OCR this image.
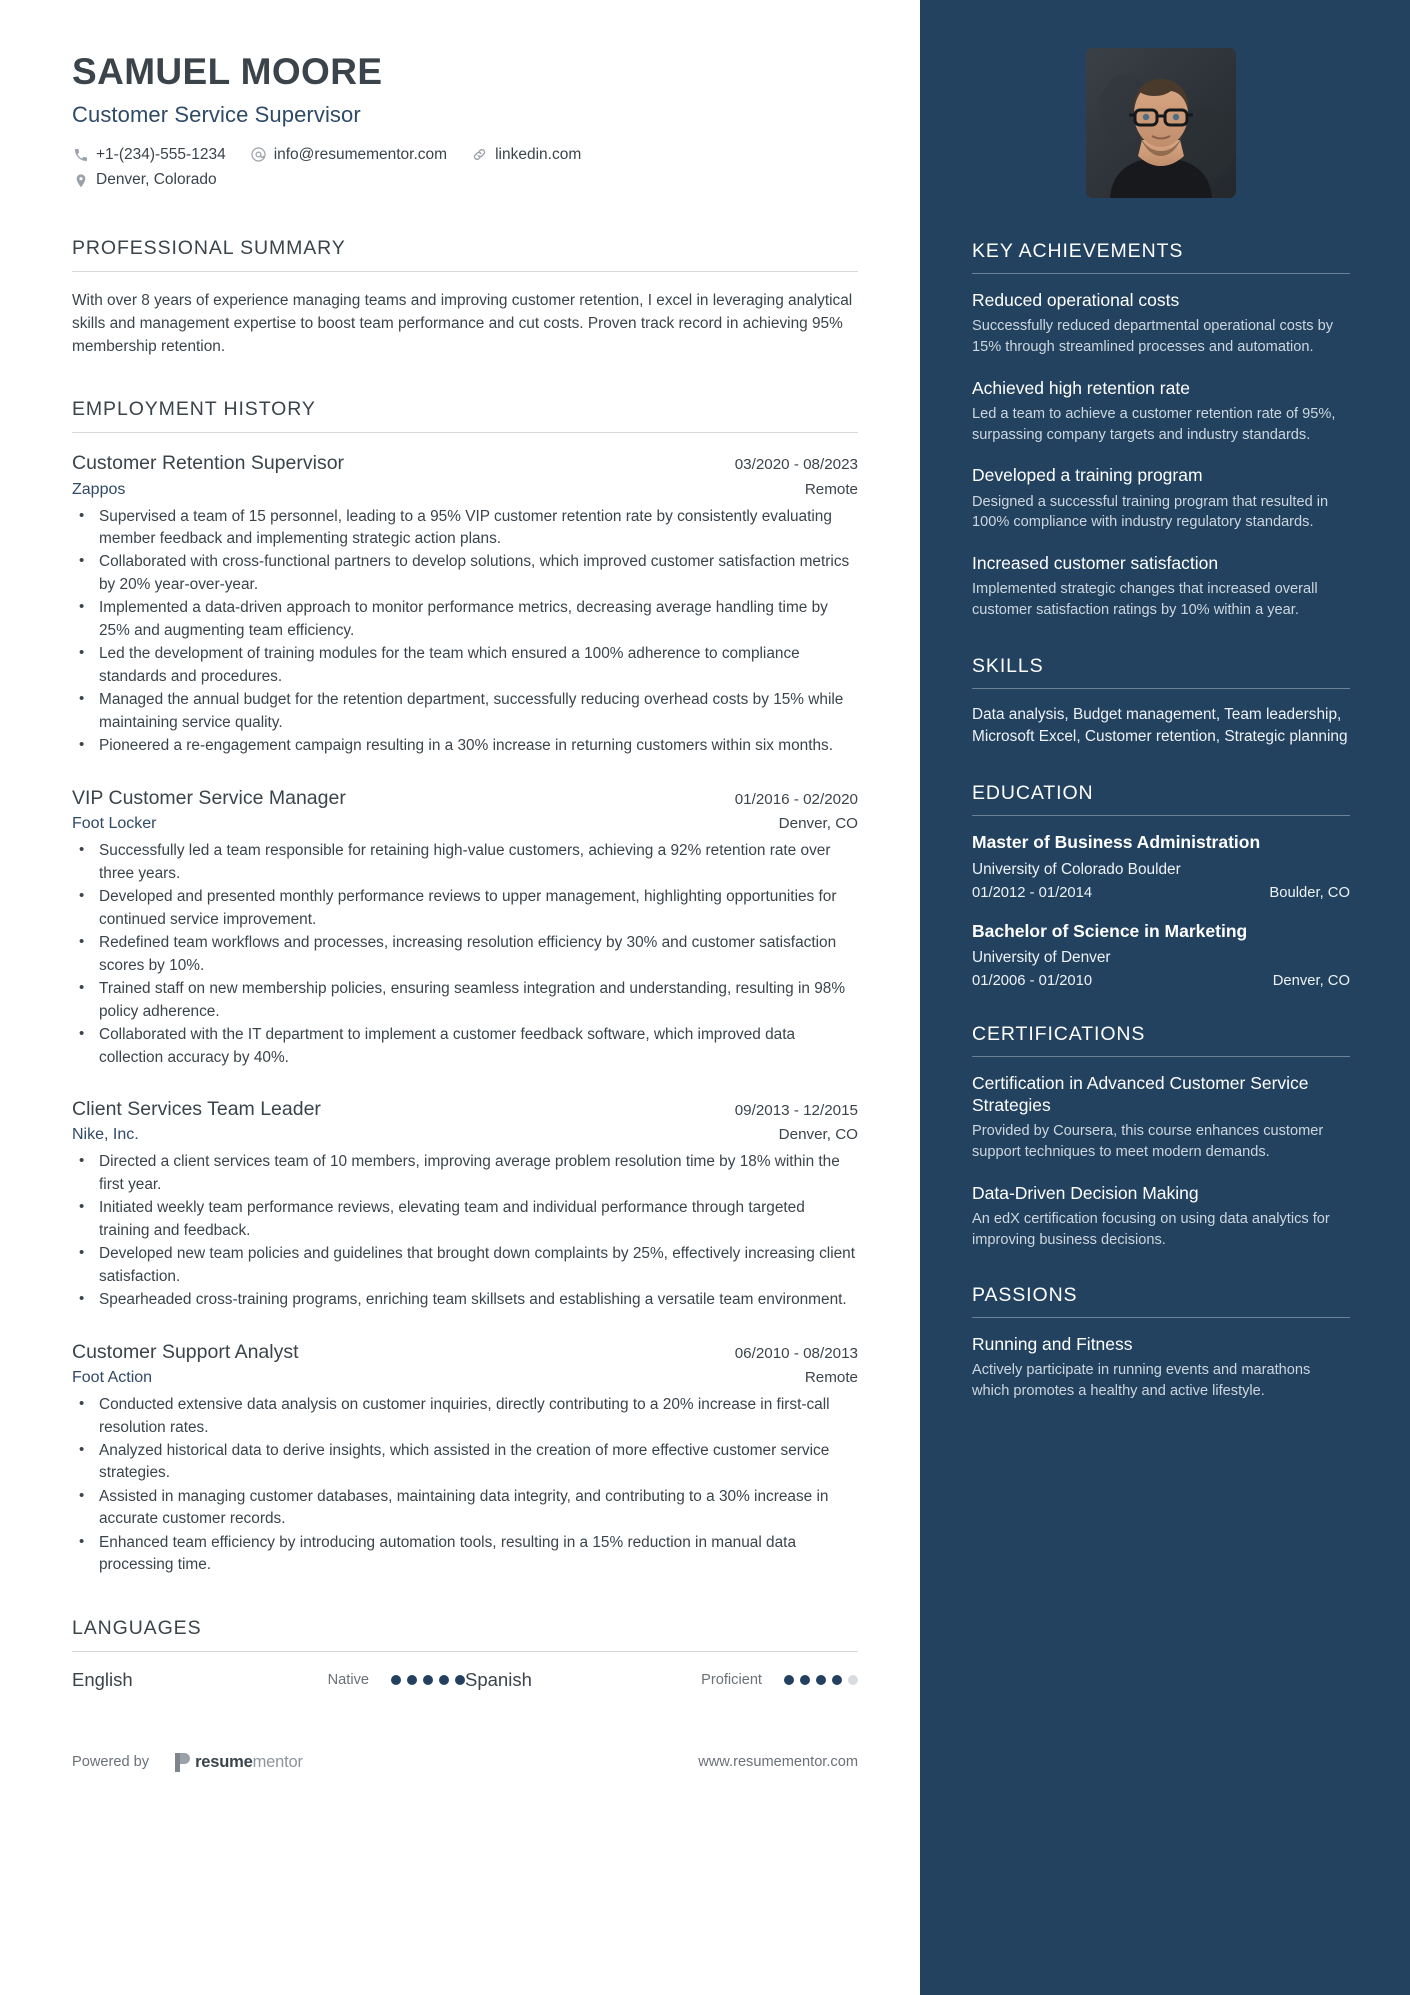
SAMUEL MOORE
Customer Service Supervisor
+1-(234)-555-1234	info@resumementor.com	linkedin.com
Denver, Colorado
PROFESSIONAL SUMMARY
With over 8 years of experience managing teams and improving customer retention, I excel in leveraging analytical skills and management expertise to boost team performance and cut costs. Proven track record in achieving 95% membership retention.
EMPLOYMENT HISTORY
Customer Retention Supervisor	03/2020 - 08/2023
Zappos	Remote
• Supervised a team of 15 personnel, leading to a 95% VIP customer retention rate by consistently evaluating member feedback and implementing strategic action plans.
• Collaborated with cross-functional partners to develop solutions, which improved customer satisfaction metrics by 20% year-over-year.
• Implemented a data-driven approach to monitor performance metrics, decreasing average handling time by 25% and augmenting team efficiency.
• Led the development of training modules for the team which ensured a 100% adherence to compliance standards and procedures.
• Managed the annual budget for the retention department, successfully reducing overhead costs by 15% while maintaining service quality.
• Pioneered a re-engagement campaign resulting in a 30% increase in returning customers within six months.
VIP Customer Service Manager	01/2016 - 02/2020
Foot Locker	Denver, CO
• Successfully led a team responsible for retaining high-value customers, achieving a 92% retention rate over three years.
• Developed and presented monthly performance reviews to upper management, highlighting opportunities for continued service improvement.
• Redefined team workflows and processes, increasing resolution efficiency by 30% and customer satisfaction scores by 10%.
• Trained staff on new membership policies, ensuring seamless integration and understanding, resulting in 98% policy adherence.
• Collaborated with the IT department to implement a customer feedback software, which improved data collection accuracy by 40%.
Client Services Team Leader	09/2013 - 12/2015
Nike, Inc.	Denver, CO
• Directed a client services team of 10 members, improving average problem resolution time by 18% within the first year.
• Initiated weekly team performance reviews, elevating team and individual performance through targeted training and feedback.
• Developed new team policies and guidelines that brought down complaints by 25%, effectively increasing client satisfaction.
• Spearheaded cross-training programs, enriching team skillsets and establishing a versatile team environment.
Customer Support Analyst	06/2010 - 08/2013
Foot Action	Remote
• Conducted extensive data analysis on customer inquiries, directly contributing to a 20% increase in first-call resolution rates.
• Analyzed historical data to derive insights, which assisted in the creation of more effective customer service strategies.
• Assisted in managing customer databases, maintaining data integrity, and contributing to a 30% increase in accurate customer records.
• Enhanced team efficiency by introducing automation tools, resulting in a 15% reduction in manual data processing time.
LANGUAGES
English	Native	Spanish	Proficient
Powered by	resumementor	www.resumementor.com
KEY ACHIEVEMENTS
Reduced operational costs
Successfully reduced departmental operational costs by 15% through streamlined processes and automation.
Achieved high retention rate
Led a team to achieve a customer retention rate of 95%, surpassing company targets and industry standards.
Developed a training program
Designed a successful training program that resulted in 100% compliance with industry regulatory standards.
Increased customer satisfaction
Implemented strategic changes that increased overall customer satisfaction ratings by 10% within a year.
SKILLS
Data analysis, Budget management, Team leadership, Microsoft Excel, Customer retention, Strategic planning
EDUCATION
Master of Business Administration
University of Colorado Boulder
01/2012 - 01/2014	Boulder, CO
Bachelor of Science in Marketing
University of Denver
01/2006 - 01/2010	Denver, CO
CERTIFICATIONS
Certification in Advanced Customer Service Strategies
Provided by Coursera, this course enhances customer support techniques to meet modern demands.
Data-Driven Decision Making
An edX certification focusing on using data analytics for improving business decisions.
PASSIONS
Running and Fitness
Actively participate in running events and marathons which promotes a healthy and active lifestyle.
